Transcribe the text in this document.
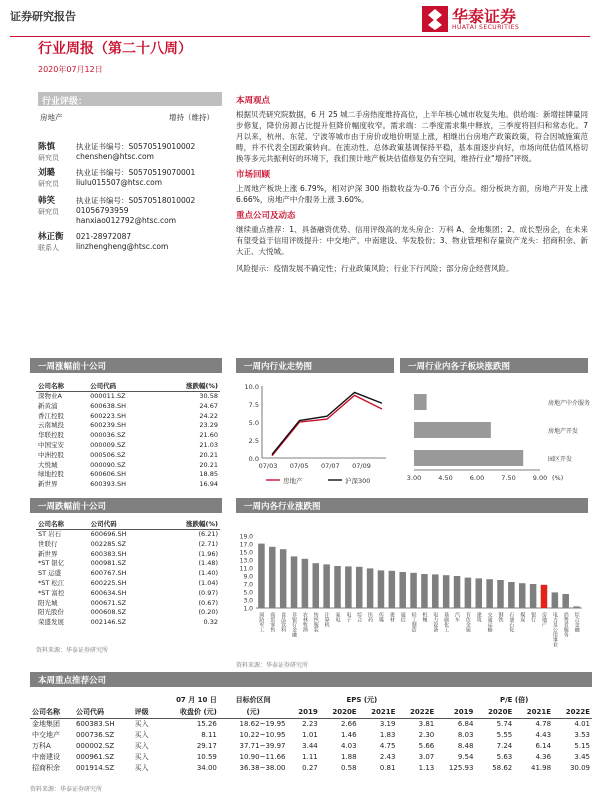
证券研究报告	华泰证券
HUATAI SECURITIES
行业周报（第二十八周）
2020年07月12日
行业评级：
房地产	增持（维持）
陈慎
研究员
执业证书编号：S0570519010002
chenshen@htsc.com
刘璐
研究员
执业证书编号：S0570519070001
liulu015507@htsc.com
韩笑
研究员
执业证书编号：S0570518010002
01056793959
hanxiao012792@htsc.com
林正衡
联系人
021-28972087
linzhengheng@htsc.com
本周观点

根据贝壳研究院数据，6 月 25 城二手房热度维持高位，上半年核心城市收复失地。供给端：新增挂牌量同步修复，降价房源占比提升但降价幅度收窄。需求端：二季度需求集中释放，三季度将回归和常态化。7 月以来，杭州、东莞、宁波等城市由于房价或地价明显上涨，相继出台房地产政策政策，符合因城施策范畴，并不代表全国政策转向。在流动性、总体政策基调保持平稳，基本面逐步向好，市场向低估值风格切换等多元共振利好的环境下，我们预计地产板块估值修复仍有空间，维持行业“增持”评级。

市场回顾

上周地产板块上涨 6.79%，相对沪深 300 指数收益为-0.76 个百分点。细分板块方面，房地产开发上涨 6.66%，房地产中介服务上涨 3.60%。

重点公司及动态

继续重点推荐：1、具备融资优势、信用评级高的龙头房企：万科 A、金地集团；2、成长型房企，在未来有望受益于信用评级提升：中交地产、中南建设、华发股份；3、物业管理和存量资产龙头：招商积余、新大正、大悦城。

风险提示：疫情发展不确定性；行业政策风险；行业下行风险；部分房企经营风险。

一周涨幅前十公司	一周内行业走势图	一周行业内各子板块涨跌图
公司名称	公司代码	涨跌幅(%)
深物业A	000011.SZ	30.58
新黄浦	600638.SH	24.67
香江控股	600223.SH	24.22
云南城投	600239.SH	23.29
华联控股	000036.SZ	21.60
中国宝安	000009.SZ	21.03
中洲控股	000506.SZ	20.21
大悦城	000090.SZ	20.21
绿地控股	600606.SH	18.85
新世界	600393.SH	16.94
10.0
7.5
5.0
2.5
0.0
07/03 07/05 07/07 07/09
房地产	沪深300
房地产中介服务
房地产开发
园区开发
3.00	4.50	6.00	7.50	9.00 (%)
一周跌幅前十公司	一周内各行业涨跌图
公司名称	公司代码	涨跌幅(%)
ST 岩石	600696.SH	(6.21)
世联行	002285.SZ	(2.71)
新世界	600383.SH	(1.96)
*ST 银亿	000981.SZ	(1.48)
ST 运盛	600767.SH	(1.40)
*ST 松江	600225.SH	(1.04)
*ST 富控	600634.SH	(0.97)
阳光城	000671.SZ	(0.67)
阳光股份	000608.SZ	(0.20)
荣盛发展	002146.SZ	0.32
资料来源：华泰证券研究所
19.0
17.0
15.0
13.0
11.0
9.0
7.0
5.0
3.0
1.0
国防军工 商贸零售 食品饮料 非银行金融 农林牧渔 纺织服装 计算机 家电 电子 综合 医药 传媒 建材 通信 轻工制造 机械 电力设备 基础化工 汽车 有色金属 建筑 交通运输 钢铁 石油石化 煤炭 银行 房地产 电力及公用事业 消费者服务 综合金融
资料来源：华泰证券研究所
本周重点推荐公司
			07 月 10 日	目标价区间	EPS (元)				P/E (倍)			
公司名称	公司代码	评级	收盘价 (元)	(元)	2019	2020E	2021E	2022E	2019	2020E	2021E	2022E
金地集团	600383.SH	买入	15.26	18.62~19.95	2.23	2.66	3.19	3.81	6.84	5.74	4.78	4.01
中交地产	000736.SZ	买入	8.11	10.22~10.95	1.01	1.46	1.83	2.30	8.03	5.55	4.43	3.53
万科A	000002.SZ	买入	29.17	37.71~39.97	3.44	4.03	4.75	5.66	8.48	7.24	6.14	5.15
中南建设	000961.SZ	买入	10.59	10.90~11.66	1.11	1.88	2.43	3.07	9.54	5.63	4.36	3.45
招商积余	001914.SZ	买入	34.00	36.38~38.00	0.27	0.58	0.81	1.13	125.93	58.62	41.98	30.09
资料来源：华泰证券研究所
